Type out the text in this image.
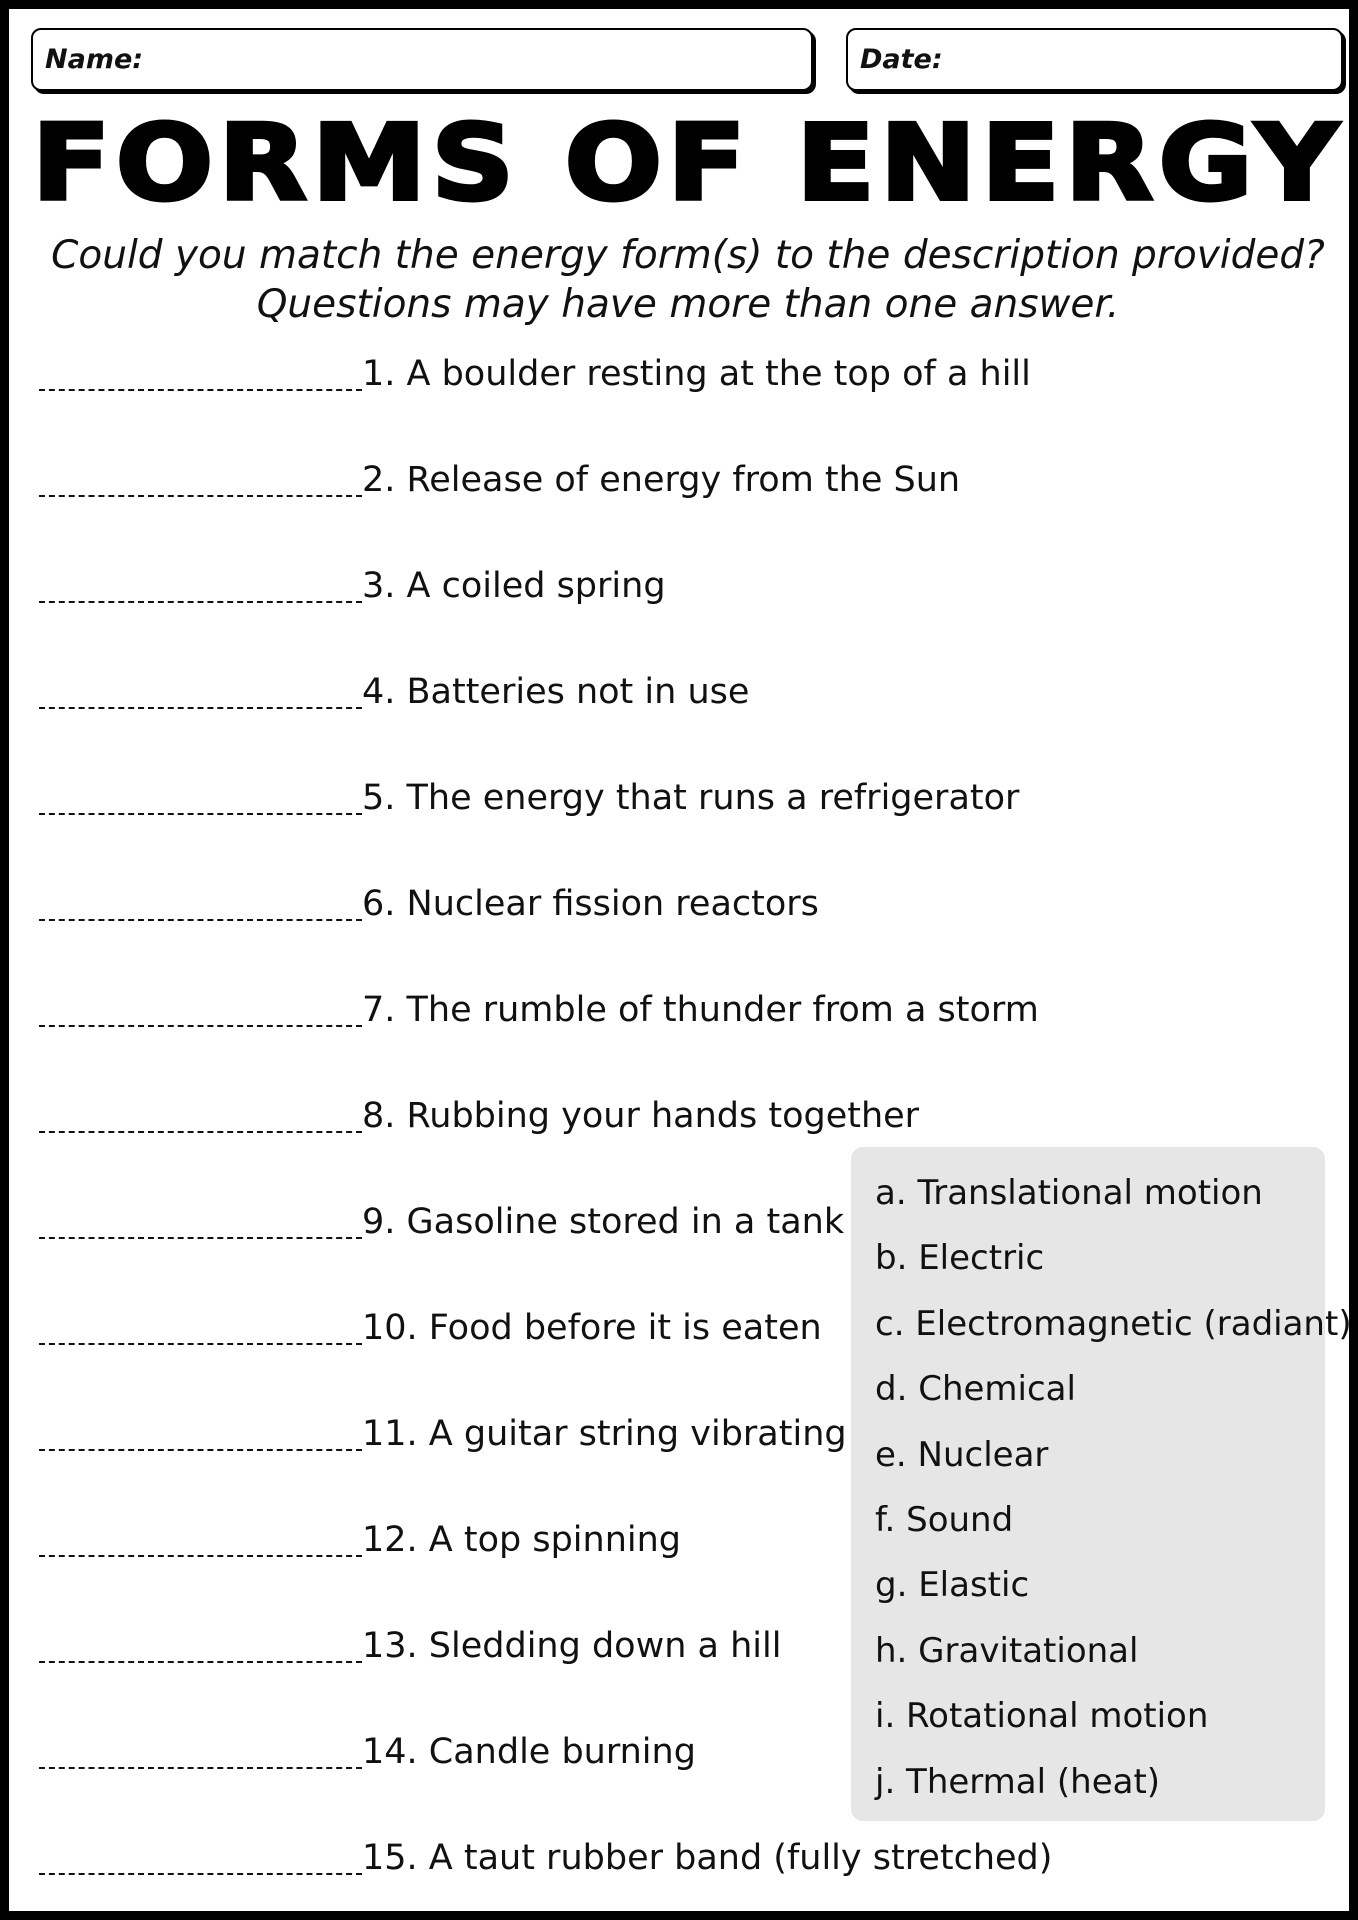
Name:	Date:
FORMS OF ENERGY
Could you match the energy form(s) to the description provided?
Questions may have more than one answer.
1. A boulder resting at the top of a hill
2. Release of energy from the Sun
3. A coiled spring
4. Batteries not in use
5. The energy that runs a refrigerator
6. Nuclear fission reactors
7. The rumble of thunder from a storm
8. Rubbing your hands together
9. Gasoline stored in a tank
10. Food before it is eaten
11. A guitar string vibrating
12. A top spinning
13. Sledding down a hill
14. Candle burning
15. A taut rubber band (fully stretched)
a. Translational motion
b. Electric
c. Electromagnetic (radiant)
d. Chemical
e. Nuclear
f. Sound
g. Elastic
h. Gravitational
i. Rotational motion
j. Thermal (heat)
